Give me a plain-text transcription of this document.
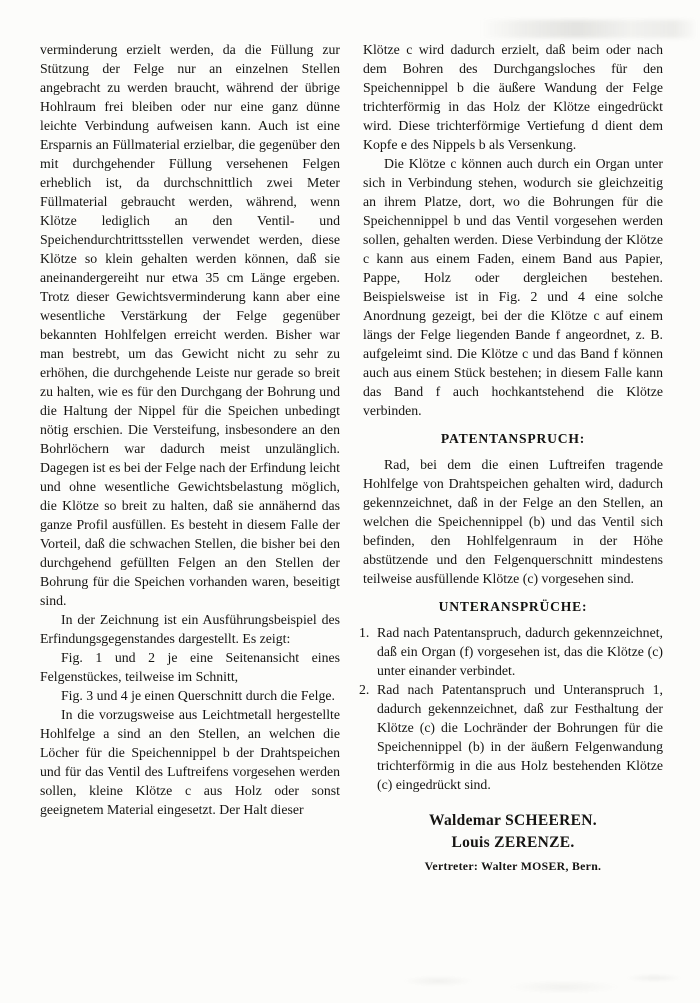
verminderung erzielt werden, da die Füllung zur Stützung der Felge nur an einzelnen Stellen angebracht zu werden braucht, während der übrige Hohlraum frei bleiben oder nur eine ganz dünne leichte Verbindung aufweisen kann. Auch ist eine Ersparnis an Füllmaterial erzielbar, die gegenüber den mit durchgehender Füllung versehenen Felgen erheblich ist, da durchschnittlich zwei Meter Füllmaterial gebraucht werden, während, wenn Klötze lediglich an den Ventil- und Speichendurchtrittsstellen verwendet werden, diese Klötze so klein gehalten werden können, daß sie aneinandergereiht nur etwa 35 cm Länge ergeben. Trotz dieser Gewichtsverminderung kann aber eine wesentliche Verstärkung der Felge gegenüber bekannten Hohlfelgen erreicht werden. Bisher war man bestrebt, um das Gewicht nicht zu sehr zu erhöhen, die durchgehende Leiste nur gerade so breit zu halten, wie es für den Durchgang der Bohrung und die Haltung der Nippel für die Speichen unbedingt nötig erschien. Die Versteifung, insbesondere an den Bohrlöchern war dadurch meist unzulänglich. Dagegen ist es bei der Felge nach der Erfindung leicht und ohne wesentliche Gewichtsbelastung möglich, die Klötze so breit zu halten, daß sie annähernd das ganze Profil ausfüllen. Es besteht in diesem Falle der Vorteil, daß die schwachen Stellen, die bisher bei den durchgehend gefüllten Felgen an den Stellen der Bohrung für die Speichen vorhanden waren, beseitigt sind.

In der Zeichnung ist ein Ausführungsbeispiel des Erfindungsgegenstandes dargestellt. Es zeigt:

Fig. 1 und 2 je eine Seitenansicht eines Felgenstückes, teilweise im Schnitt,

Fig. 3 und 4 je einen Querschnitt durch die Felge.

In die vorzugsweise aus Leichtmetall hergestellte Hohlfelge a sind an den Stellen, an welchen die Löcher für die Speichennippel b der Drahtspeichen und für das Ventil des Luftreifens vorgesehen werden sollen, kleine Klötze c aus Holz oder sonst geeignetem Material eingesetzt. Der Halt dieser

Klötze c wird dadurch erzielt, daß beim oder nach dem Bohren des Durchgangsloches für den Speichennippel b die äußere Wandung der Felge trichterförmig in das Holz der Klötze eingedrückt wird. Diese trichterförmige Vertiefung d dient dem Kopfe e des Nippels b als Versenkung.

Die Klötze c können auch durch ein Organ unter sich in Verbindung stehen, wodurch sie gleichzeitig an ihrem Platze, dort, wo die Bohrungen für die Speichennippel b und das Ventil vorgesehen werden sollen, gehalten werden. Diese Verbindung der Klötze c kann aus einem Faden, einem Band aus Papier, Pappe, Holz oder dergleichen bestehen. Beispielsweise ist in Fig. 2 und 4 eine solche Anordnung gezeigt, bei der die Klötze c auf einem längs der Felge liegenden Bande f angeordnet, z. B. aufgeleimt sind. Die Klötze c und das Band f können auch aus einem Stück bestehen; in diesem Falle kann das Band f auch hochkantstehend die Klötze verbinden.

PATENTANSPRUCH:

Rad, bei dem die einen Luftreifen tragende Hohlfelge von Drahtspeichen gehalten wird, dadurch gekennzeichnet, daß in der Felge an den Stellen, an welchen die Speichennippel (b) und das Ventil sich befinden, den Hohlfelgenraum in der Höhe abstützende und den Felgenquerschnitt mindestens teilweise ausfüllende Klötze (c) vorgesehen sind.

UNTERANSPRÜCHE:
1. Rad nach Patentanspruch, dadurch gekennzeichnet, daß ein Organ (f) vorgesehen ist, das die Klötze (c) unter einander verbindet.
2. Rad nach Patentanspruch und Unteranspruch 1, dadurch gekennzeichnet, daß zur Festhaltung der Klötze (c) die Lochränder der Bohrungen für die Speichennippel (b) in der äußern Felgenwandung trichterförmig in die aus Holz bestehenden Klötze (c) eingedrückt sind.
Waldemar SCHEEREN.
Louis ZERENZE.
Vertreter: Walter MOSER, Bern.
